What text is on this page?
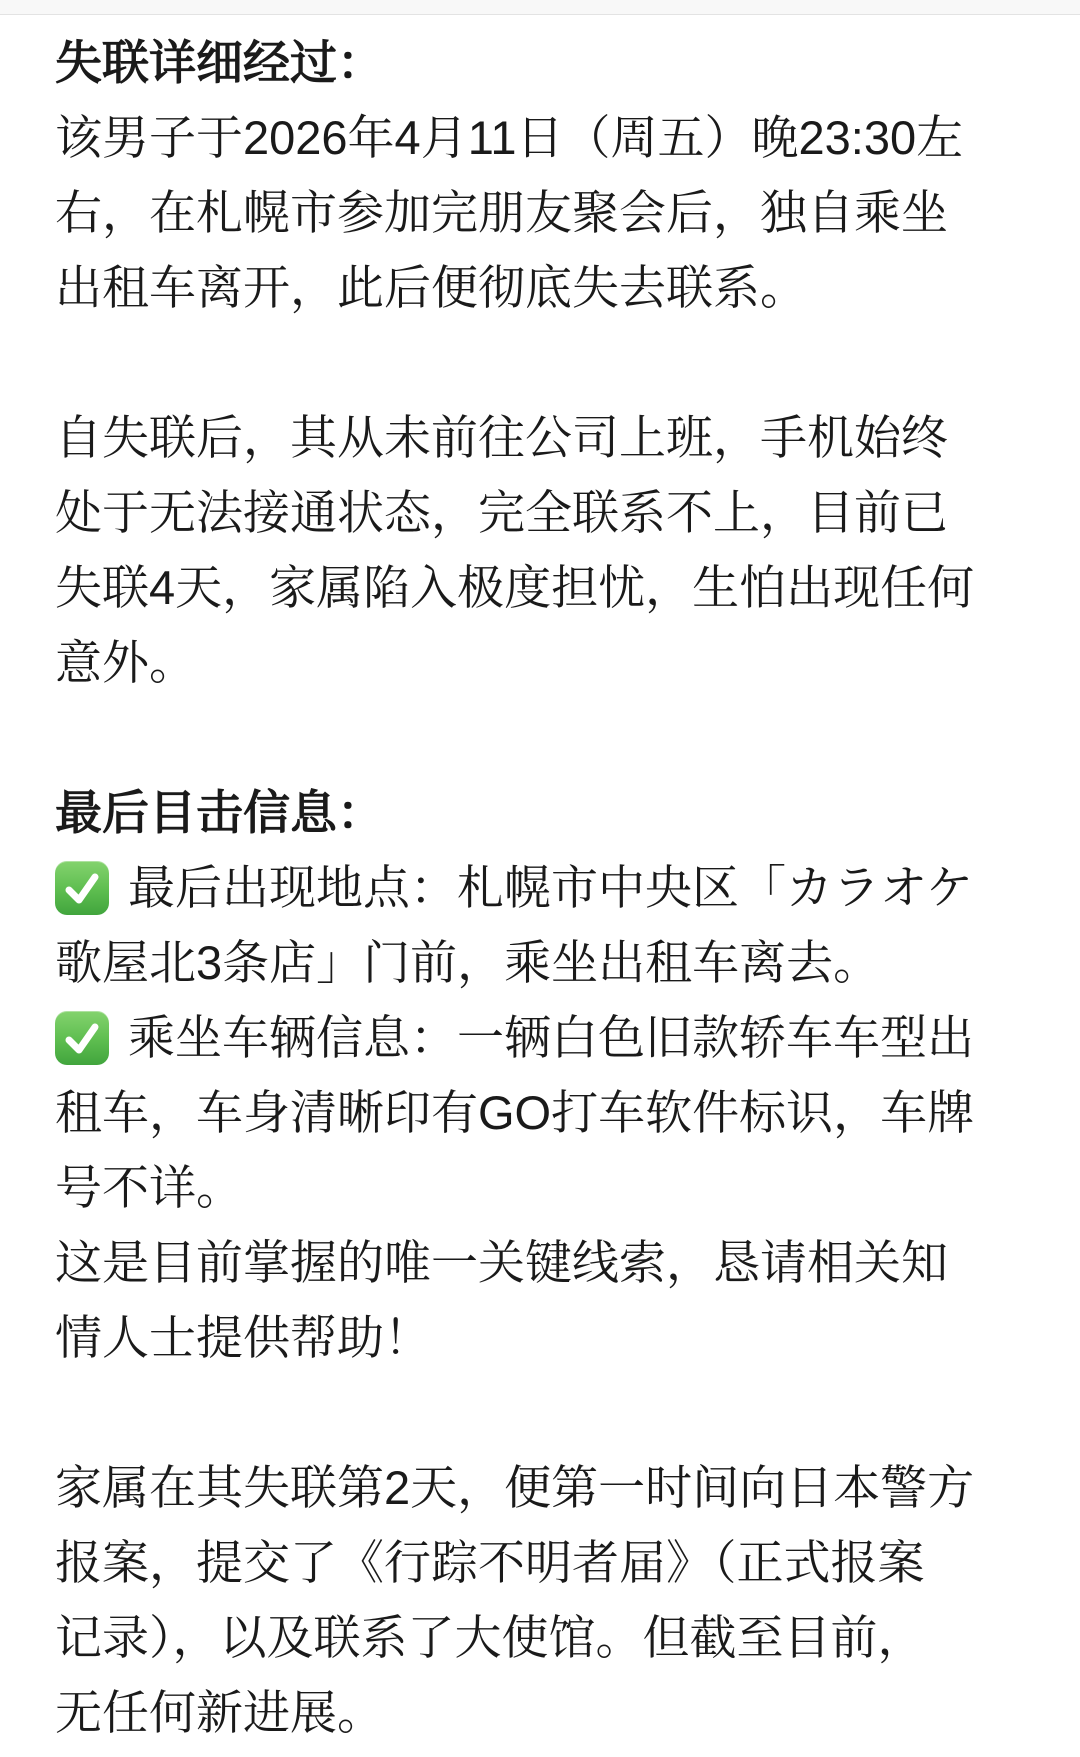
失联详细经过：
该男子于2026年4月11日（周五）晚23:30左
右，在札幌市参加完朋友聚会后，独自乘坐
出租车离开，此后便彻底失去联系。
自失联后，其从未前往公司上班，手机始终
处于无法接通状态，完全联系不上，目前已
失联4天，家属陷入极度担忧，生怕出现任何
意外。
最后目击信息：
最后出现地点：札幌市中央区「カラオケ
歌屋北3条店」门前，乘坐出租车离去。
乘坐车辆信息：一辆白色旧款轿车车型出
租车，车身清晰印有GO打车软件标识，车牌
号不详。
这是目前掌握的唯一关键线索，恳请相关知
情人士提供帮助！
家属在其失联第2天，便第一时间向日本警方
报案，提交了《行踪不明者届》（正式报案
记录），以及联系了大使馆。但截至目前，
无任何新进展。
